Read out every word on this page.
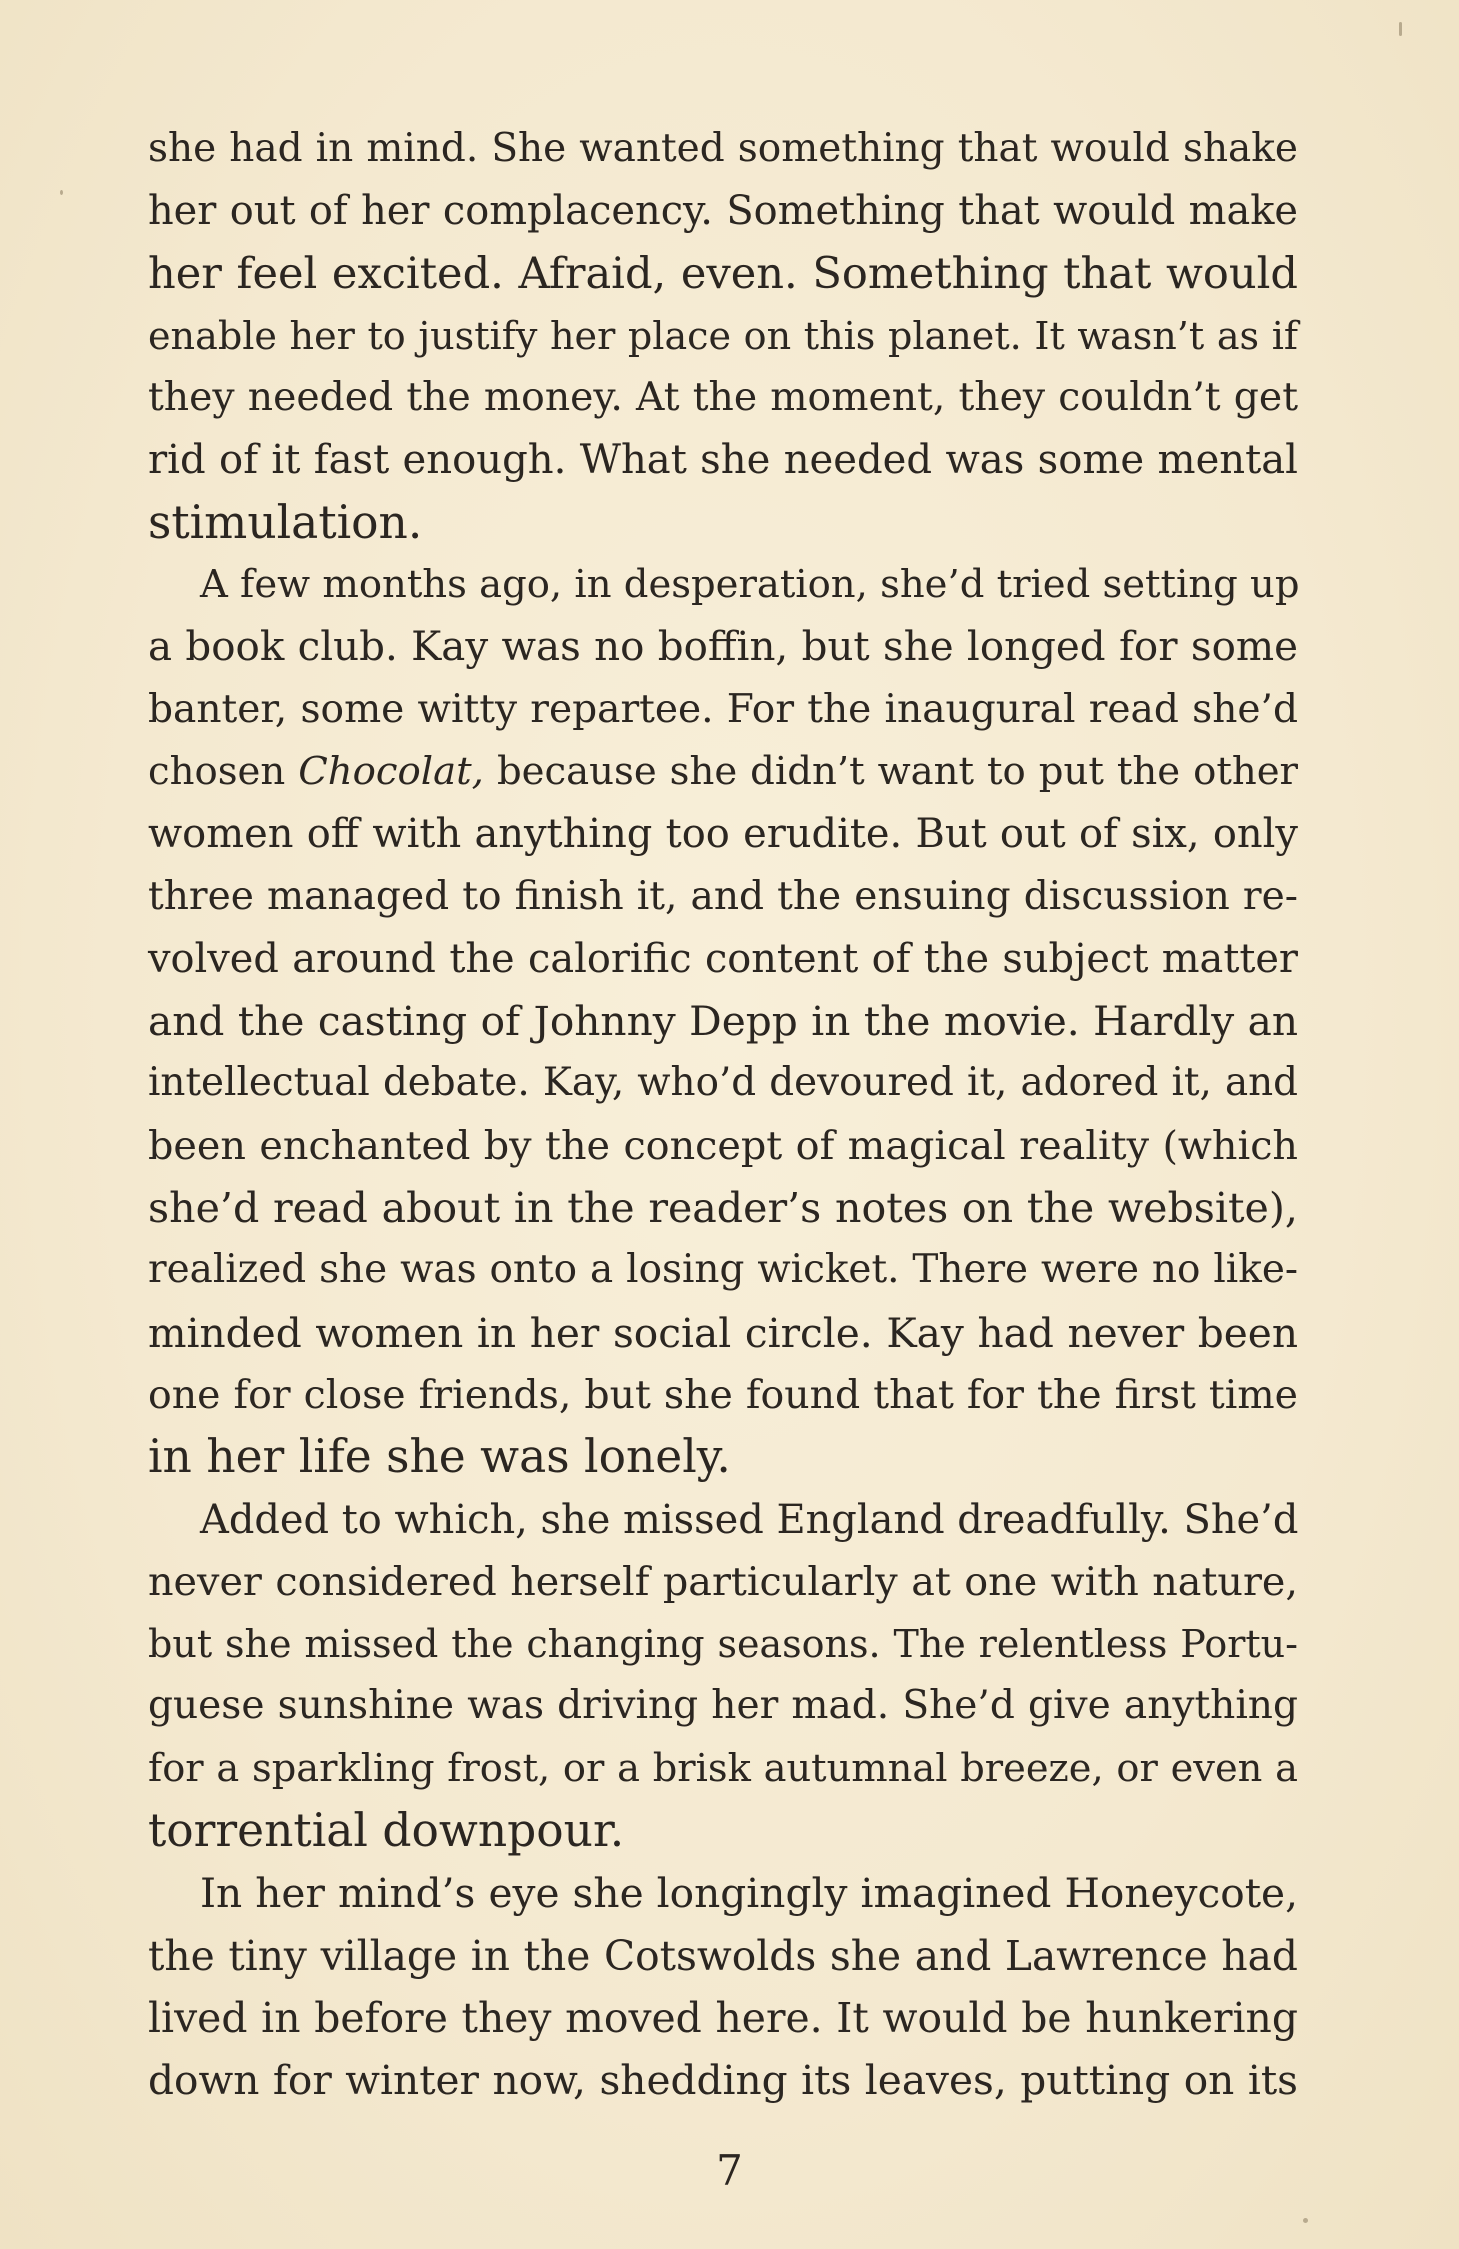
she had in mind. She wanted something that would shake
her out of her complacency. Something that would make
her feel excited. Afraid, even. Something that would
enable her to justify her place on this planet. It wasn’t as if
they needed the money. At the moment, they couldn’t get
rid of it fast enough. What she needed was some mental
stimulation.
A few months ago, in desperation, she’d tried setting up
a book club. Kay was no boffin, but she longed for some
banter, some witty repartee. For the inaugural read she’d
chosen Chocolat, because she didn’t want to put the other
women off with anything too erudite. But out of six, only
three managed to finish it, and the ensuing discussion re-
volved around the calorific content of the subject matter
and the casting of Johnny Depp in the movie. Hardly an
intellectual debate. Kay, who’d devoured it, adored it, and
been enchanted by the concept of magical reality (which
she’d read about in the reader’s notes on the website),
realized she was onto a losing wicket. There were no like-
minded women in her social circle. Kay had never been
one for close friends, but she found that for the first time
in her life she was lonely.
Added to which, she missed England dreadfully. She’d
never considered herself particularly at one with nature,
but she missed the changing seasons. The relentless Portu-
guese sunshine was driving her mad. She’d give anything
for a sparkling frost, or a brisk autumnal breeze, or even a
torrential downpour.
In her mind’s eye she longingly imagined Honeycote,
the tiny village in the Cotswolds she and Lawrence had
lived in before they moved here. It would be hunkering
down for winter now, shedding its leaves, putting on its
7
